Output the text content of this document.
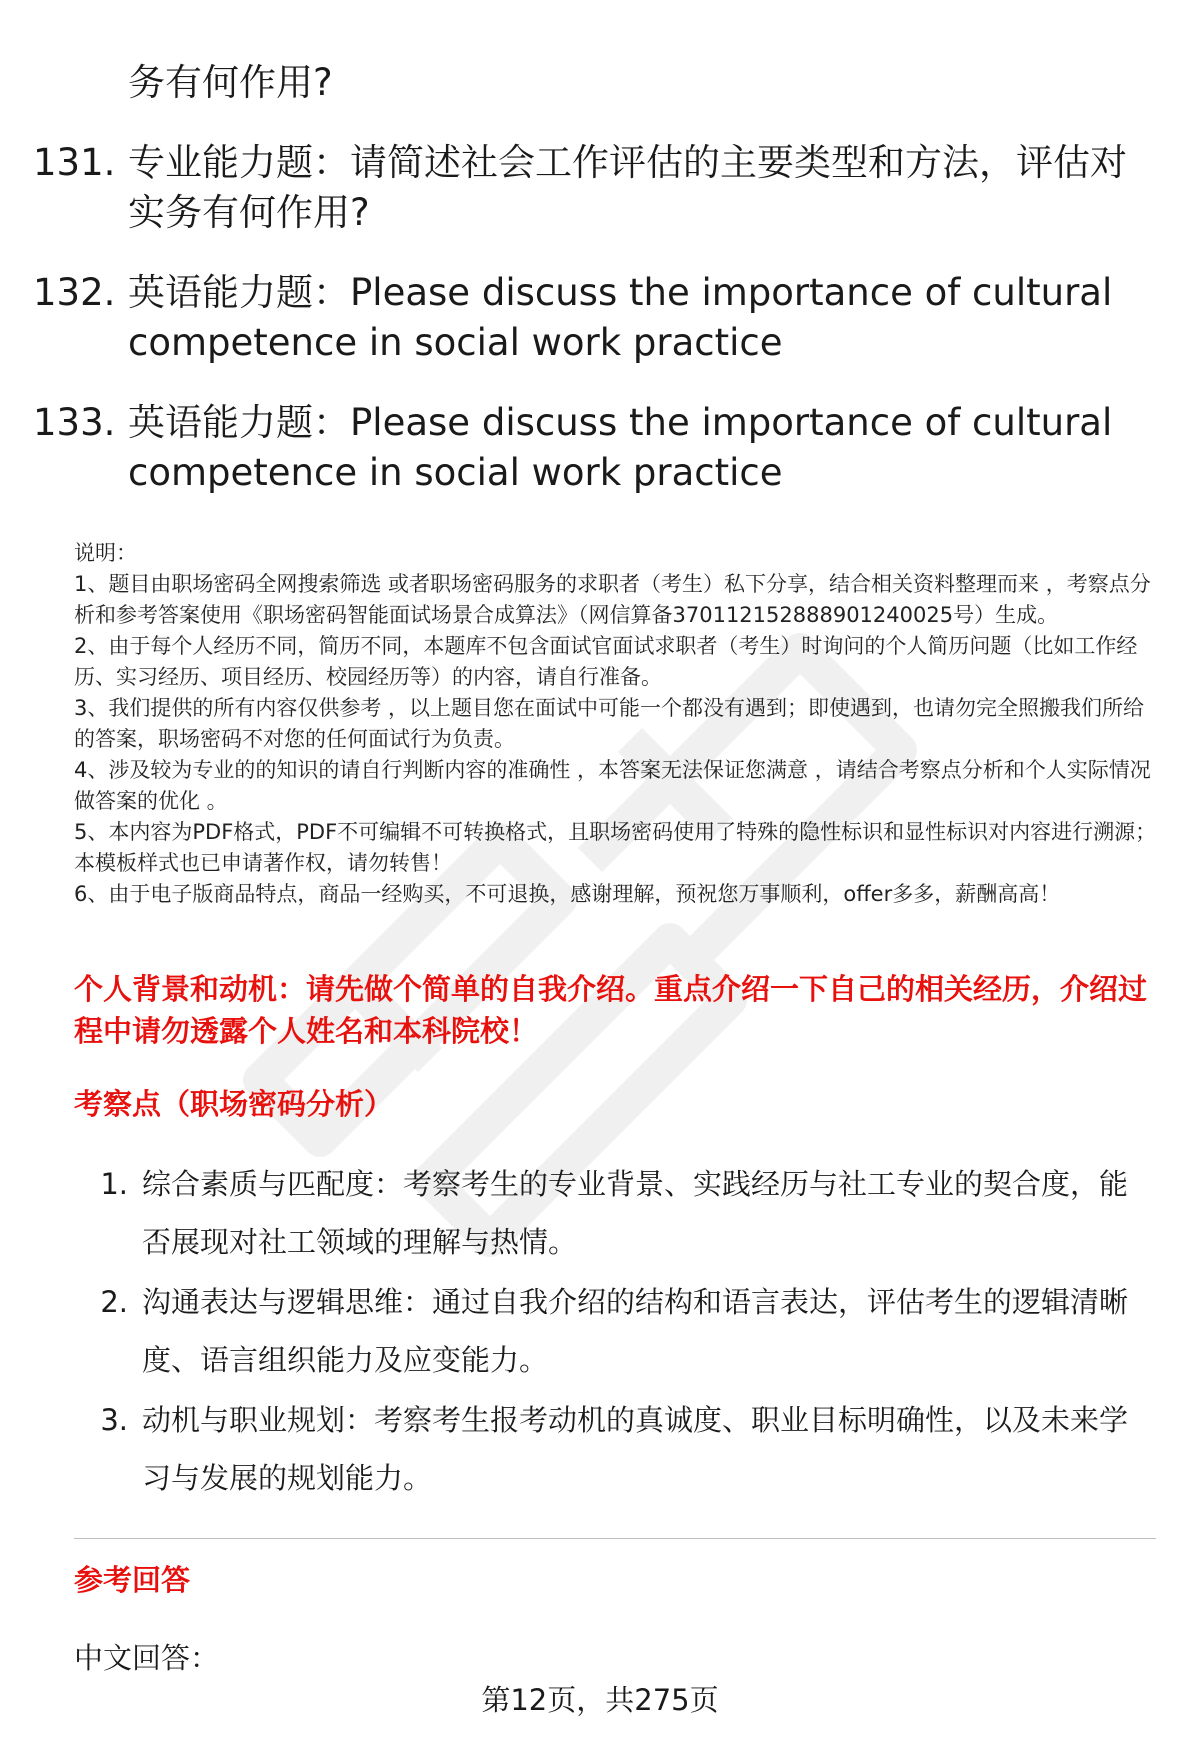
务有何作用?
131. 专业能力题：请简述社会工作评估的主要类型和方法，评估对实务有何作用?
132. 英语能力题：Please discuss the importance of cultural competence in social work practice
133. 英语能力题：Please discuss the importance of cultural competence in social work practice

说明：

1、题目由职场密码全网搜索筛选 或者职场密码服务的求职者（考生）私下分享，结合相关资料整理而来 ，考察点分析和参考答案使用《职场密码智能面试场景合成算法》（网信算备370112152888901240025号）生成。

2、由于每个人经历不同，简历不同，本题库不包含面试官面试求职者（考生）时询问的个人简历问题（比如工作经历、实习经历、项目经历、校园经历等）的内容，请自行准备。

3、我们提供的所有内容仅供参考 ，以上题目您在面试中可能一个都没有遇到；即使遇到，也请勿完全照搬我们所给的答案，职场密码不对您的任何面试行为负责。

4、涉及较为专业的的知识的请自行判断内容的准确性 ，本答案无法保证您满意 ，请结合考察点分析和个人实际情况做答案的优化 。

5、本内容为PDF格式，PDF不可编辑不可转换格式，且职场密码使用了特殊的隐性标识和显性标识对内容进行溯源；本模板样式也已申请著作权，请勿转售！

6、由于电子版商品特点，商品一经购买，不可退换，感谢理解，预祝您万事顺利，offer多多，薪酬高高！

个人背景和动机：请先做个简单的自我介绍。重点介绍一下自己的相关经历，介绍过程中请勿透露个人姓名和本科院校！
考察点（职场密码分析）
1. 综合素质与匹配度：考察考生的专业背景、实践经历与社工专业的契合度，能否展现对社工领域的理解与热情。
2. 沟通表达与逻辑思维：通过自我介绍的结构和语言表达，评估考生的逻辑清晰度、语言组织能力及应变能力。
3. 动机与职业规划：考察考生报考动机的真诚度、职业目标明确性，以及未来学习与发展的规划能力。
参考回答
中文回答：
第12页，共275页
